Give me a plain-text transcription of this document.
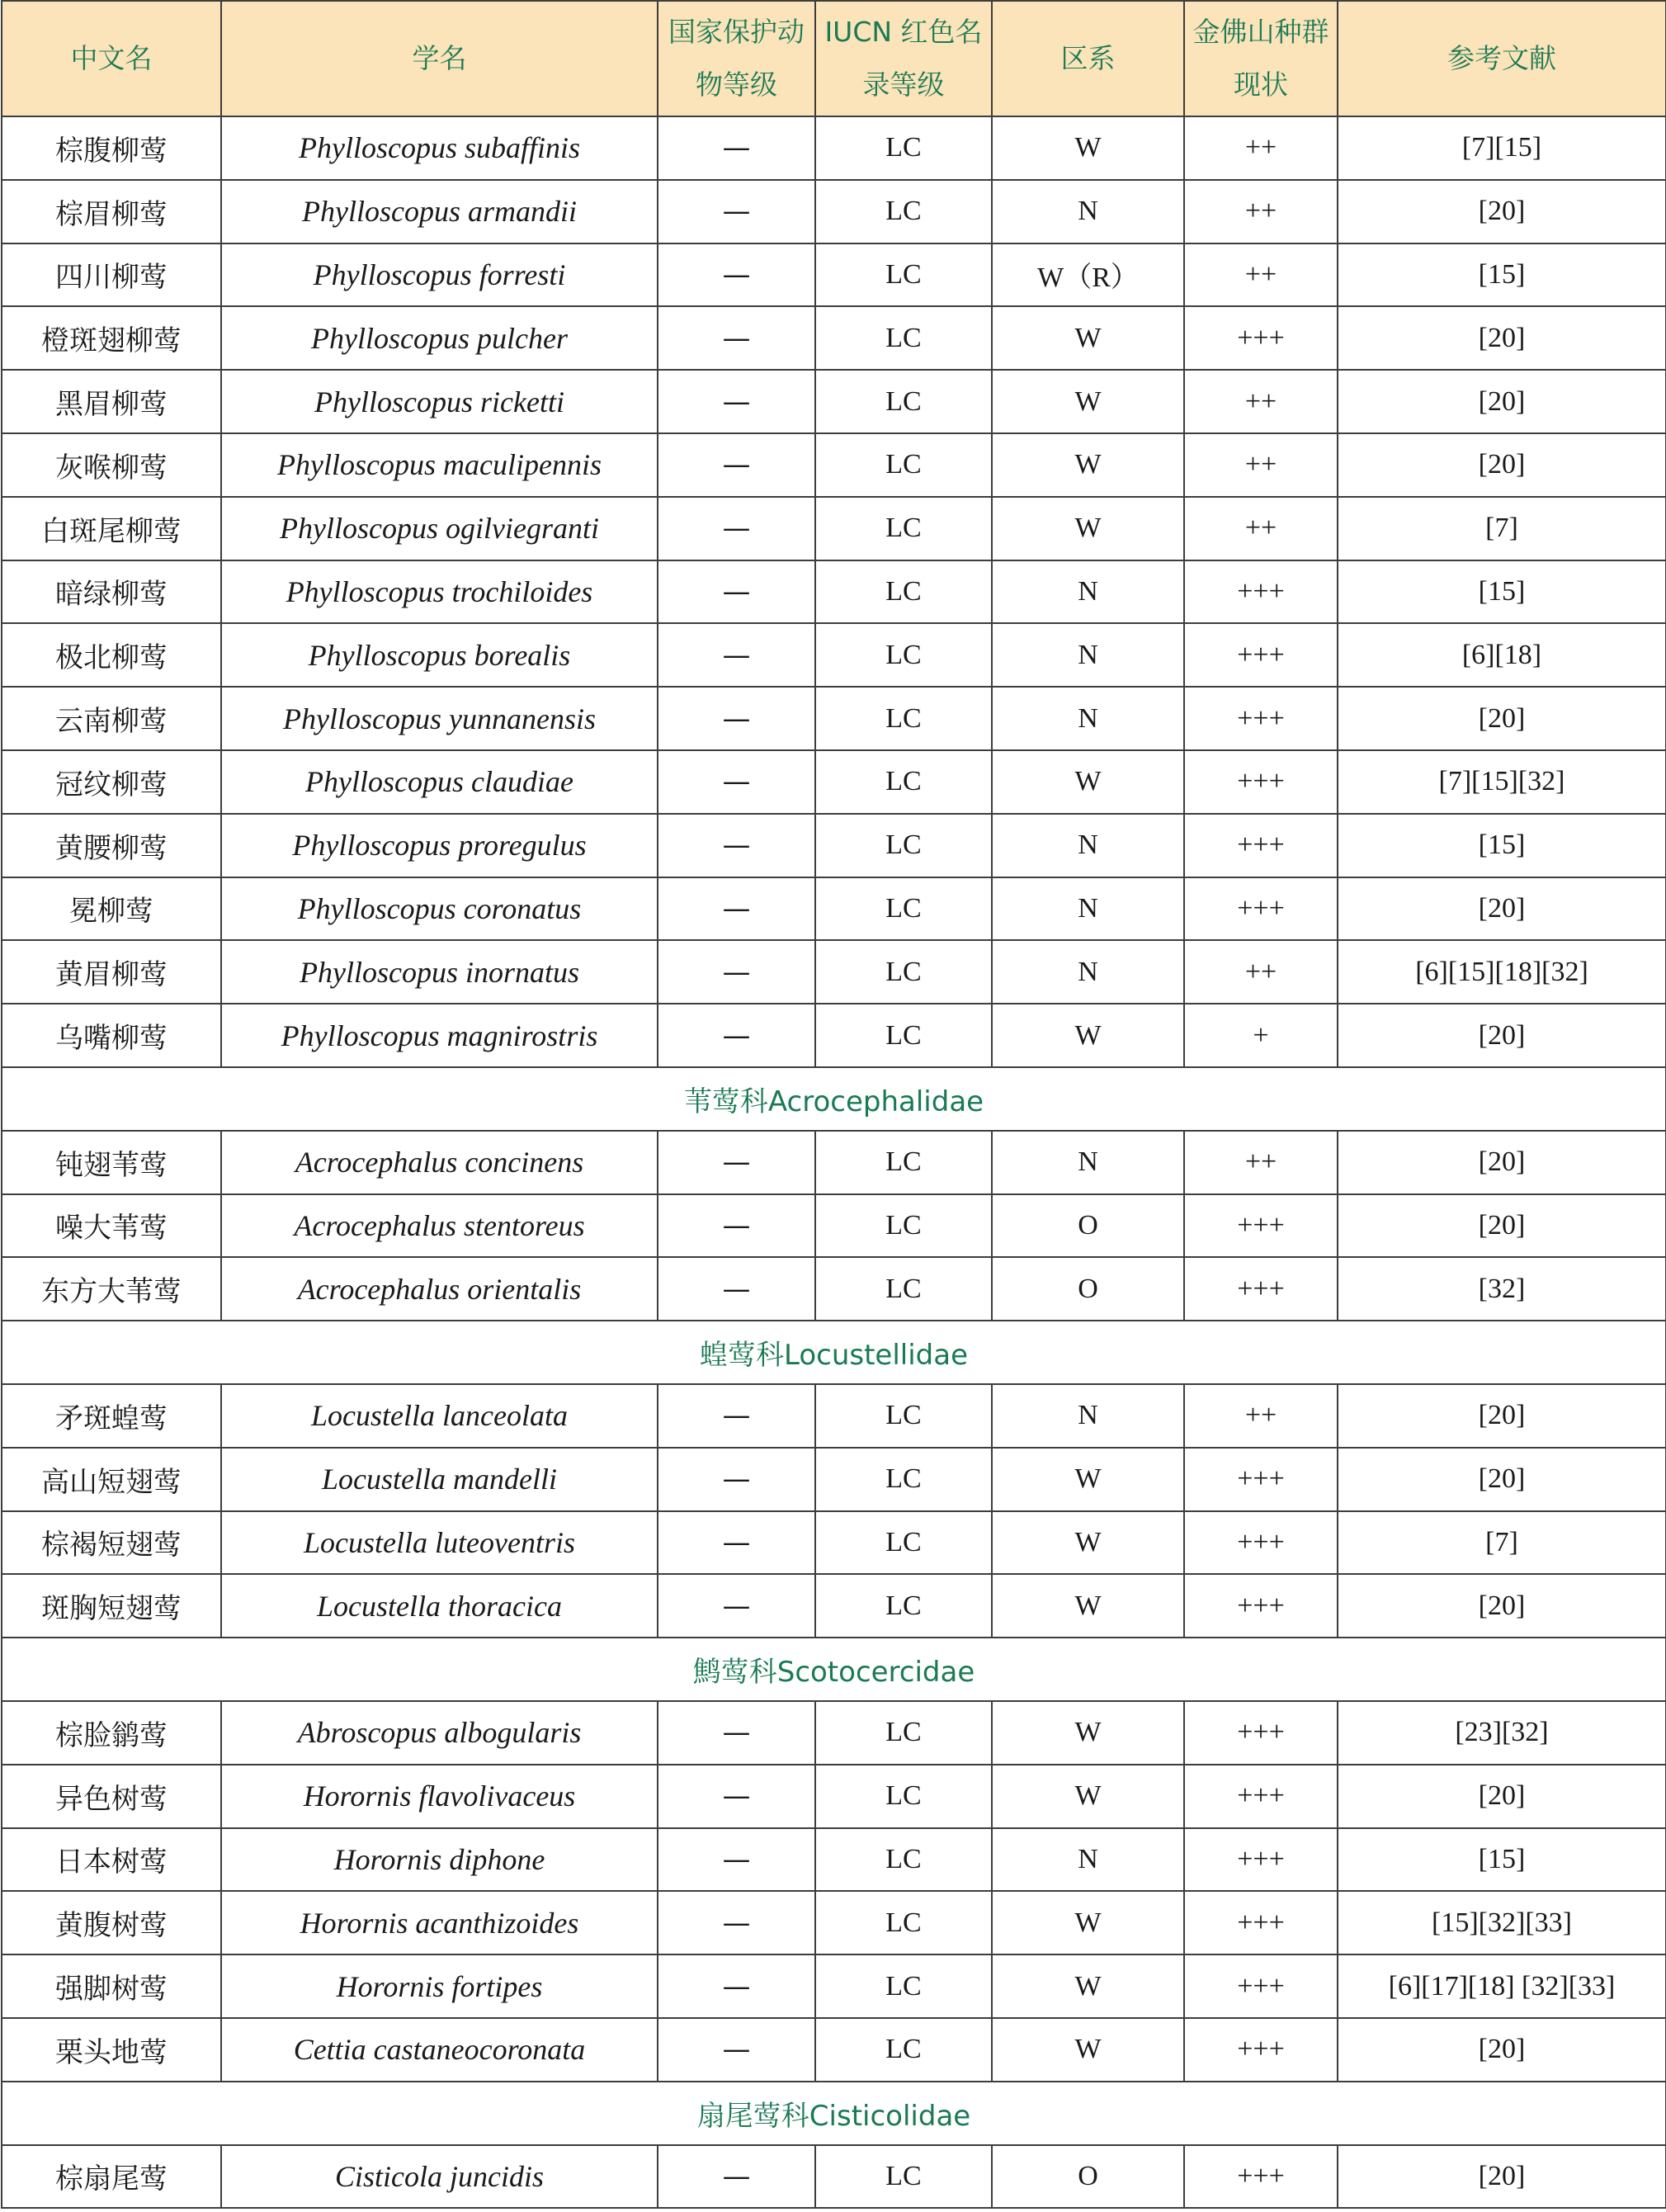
中文名	学名	国家保护动物等级	IUCN 红色名录等级	区系	金佛山种群现状	参考文献
棕腹柳莺	Phylloscopus subaffinis	—	LC	W	++	[7][15]
棕眉柳莺	Phylloscopus armandii	—	LC	N	++	[20]
四川柳莺	Phylloscopus forresti	—	LC	W（R）	++	[15]
橙斑翅柳莺	Phylloscopus pulcher	—	LC	W	+++	[20]
黑眉柳莺	Phylloscopus ricketti	—	LC	W	++	[20]
灰喉柳莺	Phylloscopus maculipennis	—	LC	W	++	[20]
白斑尾柳莺	Phylloscopus ogilviegranti	—	LC	W	++	[7]
暗绿柳莺	Phylloscopus trochiloides	—	LC	N	+++	[15]
极北柳莺	Phylloscopus borealis	—	LC	N	+++	[6][18]
云南柳莺	Phylloscopus yunnanensis	—	LC	N	+++	[20]
冠纹柳莺	Phylloscopus claudiae	—	LC	W	+++	[7][15][32]
黄腰柳莺	Phylloscopus proregulus	—	LC	N	+++	[15]
冕柳莺	Phylloscopus coronatus	—	LC	N	+++	[20]
黄眉柳莺	Phylloscopus inornatus	—	LC	N	++	[6][15][18][32]
乌嘴柳莺	Phylloscopus magnirostris	—	LC	W	+	[20]
苇莺科Acrocephalidae						
钝翅苇莺	Acrocephalus concinens	—	LC	N	++	[20]
噪大苇莺	Acrocephalus stentoreus	—	LC	O	+++	[20]
东方大苇莺	Acrocephalus orientalis	—	LC	O	+++	[32]
蝗莺科Locustellidae						
矛斑蝗莺	Locustella lanceolata	—	LC	N	++	[20]
高山短翅莺	Locustella mandelli	—	LC	W	+++	[20]
棕褐短翅莺	Locustella luteoventris	—	LC	W	+++	[7]
斑胸短翅莺	Locustella thoracica	—	LC	W	+++	[20]
鹪莺科Scotocercidae						
棕脸鹟莺	Abroscopus albogularis	—	LC	W	+++	[23][32]
异色树莺	Horornis flavolivaceus	—	LC	W	+++	[20]
日本树莺	Horornis diphone	—	LC	N	+++	[15]
黄腹树莺	Horornis acanthizoides	—	LC	W	+++	[15][32][33]
强脚树莺	Horornis fortipes	—	LC	W	+++	[6][17][18] [32][33]
栗头地莺	Cettia castaneocoronata	—	LC	W	+++	[20]
扇尾莺科Cisticolidae						
棕扇尾莺	Cisticola juncidis	—	LC	O	+++	[20]
